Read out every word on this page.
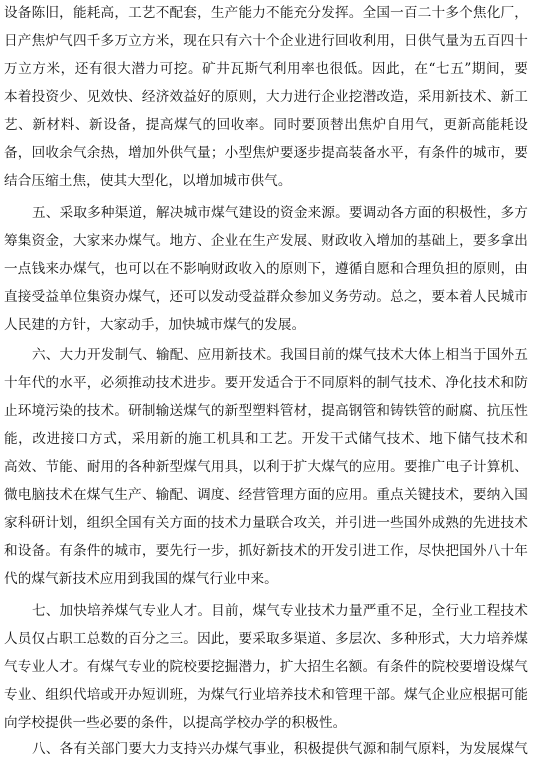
设备陈旧，能耗高，工艺不配套，生产能力不能充分发挥。全国一百二十多个焦化厂，
日产焦炉气四千多万立方米，现在只有六十个企业进行回收利用，日供气量为五百四十
万立方米，还有很大潜力可挖。矿井瓦斯气利用率也很低。因此，在“七五”期间，要
本着投资少、见效快、经济效益好的原则，大力进行企业挖潜改造，采用新技术、新工
艺、新材料、新设备，提高煤气的回收率。同时要顶替出焦炉自用气，更新高能耗设
备，回收余气余热，增加外供气量；小型焦炉要逐步提高装备水平，有条件的城市，要
结合压缩土焦，使其大型化，以增加城市供气。
五、采取多种渠道，解决城市煤气建设的资金来源。要调动各方面的积极性，多方
筹集资金，大家来办煤气。地方、企业在生产发展、财政收入增加的基础上，要多拿出
一点钱来办煤气，也可以在不影响财政收入的原则下，遵循自愿和合理负担的原则，由
直接受益单位集资办煤气，还可以发动受益群众参加义务劳动。总之，要本着人民城市
人民建的方针，大家动手，加快城市煤气的发展。
六、大力开发制气、输配、应用新技术。我国目前的煤气技术大体上相当于国外五
十年代的水平，必须推动技术进步。要开发适合于不同原料的制气技术、净化技术和防
止环境污染的技术。研制输送煤气的新型塑料管材，提高钢管和铸铁管的耐腐、抗压性
能，改进接口方式，采用新的施工机具和工艺。开发干式储气技术、地下储气技术和
高效、节能、耐用的各种新型煤气用具，以利于扩大煤气的应用。要推广电子计算机、
微电脑技术在煤气生产、输配、调度、经营管理方面的应用。重点关键技术，要纳入国
家科研计划，组织全国有关方面的技术力量联合攻关，并引进一些国外成熟的先进技术
和设备。有条件的城市，要先行一步，抓好新技术的开发引进工作，尽快把国外八十年
代的煤气新技术应用到我国的煤气行业中来。
七、加快培养煤气专业人才。目前，煤气专业技术力量严重不足，全行业工程技术
人员仅占职工总数的百分之三。因此，要采取多渠道、多层次、多种形式，大力培养煤
气专业人才。有煤气专业的院校要挖掘潜力，扩大招生名额。有条件的院校要增设煤气
专业、组织代培或开办短训班，为煤气行业培养技术和管理干部。煤气企业应根据可能
向学校提供一些必要的条件，以提高学校办学的积极性。
八、各有关部门要大力支持兴办煤气事业，积极提供气源和制气原料，为发展煤气
